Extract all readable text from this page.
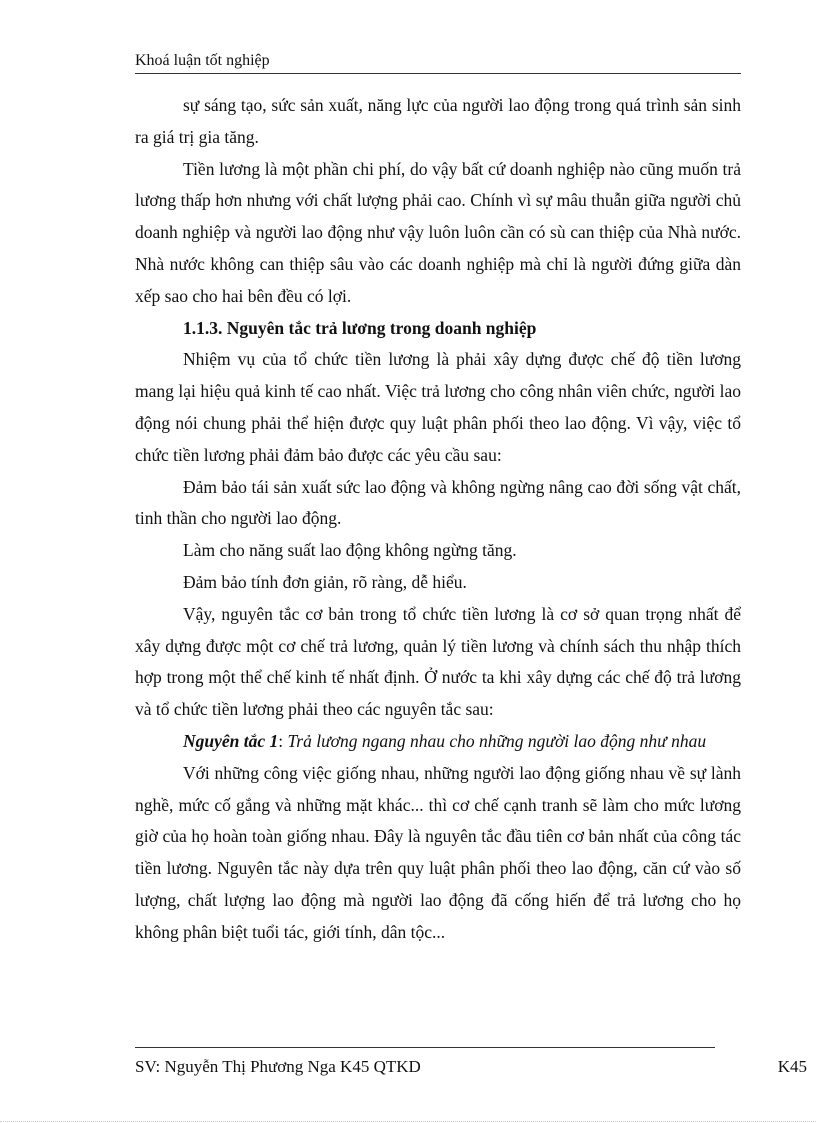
Khoá luận tốt nghiệp

sự sáng tạo, sức sản xuất, năng lực của người lao động trong quá trình sản sinh ra giá trị gia tăng.

Tiền lương là một phần chi phí, do vậy bất cứ doanh nghiệp nào cũng muốn trả lương thấp hơn nhưng với chất lượng phải cao. Chính vì sự mâu thuẫn giữa người chủ doanh nghiệp và người lao động như vậy luôn luôn cần có sù can thiệp của Nhà nước. Nhà nước không can thiệp sâu vào các doanh nghiệp mà chỉ là người đứng giữa dàn xếp sao cho hai bên đều có lợi.

1.1.3. Nguyên tắc trả lương trong doanh nghiệp

Nhiệm vụ của tổ chức tiền lương là phải xây dựng được chế độ tiền lương mang lại hiệu quả kinh tế cao nhất. Việc trả lương cho công nhân viên chức, người lao động nói chung phải thể hiện được quy luật phân phối theo lao động. Vì vậy, việc tổ chức tiền lương phải đảm bảo được các yêu cầu sau:

Đảm bảo tái sản xuất sức lao động và không ngừng nâng cao đời sống vật chất, tinh thần cho người lao động.

Làm cho năng suất lao động không ngừng tăng.

Đảm bảo tính đơn giản, rõ ràng, dễ hiểu.

Vậy, nguyên tắc cơ bản trong tổ chức tiền lương là cơ sở quan trọng nhất để xây dựng được một cơ chế trả lương, quản lý tiền lương và chính sách thu nhập thích hợp trong một thể chế kinh tế nhất định. Ở nước ta khi xây dựng các chế độ trả lương và tổ chức tiền lương phải theo các nguyên tắc sau:

Nguyên tắc 1: Trả lương ngang nhau cho những người lao động như nhau

Với những công việc giống nhau, những người lao động giống nhau về sự lành nghề, mức cố gắng và những mặt khác... thì cơ chế cạnh tranh sẽ làm cho mức lương giờ của họ hoàn toàn giống nhau. Đây là nguyên tắc đầu tiên cơ bản nhất của công tác tiền lương. Nguyên tắc này dựa trên quy luật phân phối theo lao động, căn cứ vào số lượng, chất lượng lao động mà người lao động đã cống hiến để trả lương cho họ không phân biệt tuổi tác, giới tính, dân tộc...

SV: Nguyễn Thị Phương Nga K45 QTKD	K45
